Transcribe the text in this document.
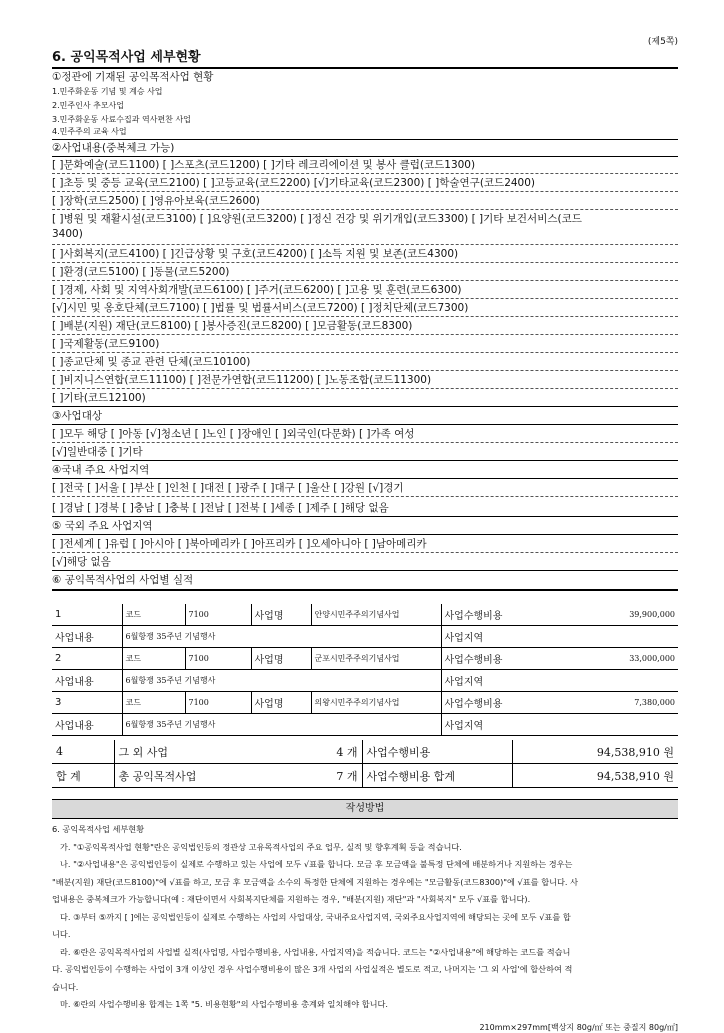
(제5쪽)
6. 공익목적사업 세부현황
①정관에 기재된 공익목적사업 현황
1.민주화운동 기념 및 계승 사업
2.민주인사 추모사업
3.민주화운동 사료수집과 역사편찬 사업
4.민주주의 교육 사업
②사업내용(중복체크 가능)
[ ]문화예술(코드1100) [ ]스포츠(코드1200) [ ]기타 레크리에이션 및 봉사 클럽(코드1300)
[ ]초등 및 중등 교육(코드2100) [ ]고등교육(코드2200) [√]기타교육(코드2300) [ ]학술연구(코드2400)
[ ]장학(코드2500) [ ]영유아보육(코드2600)
[ ]병원 및 재활시설(코드3100) [ ]요양원(코드3200) [ ]정신 건강 및 위기개입(코드3300) [ ]기타 보건서비스(코드
3400)
[ ]사회복지(코드4100) [ ]긴급상황 및 구호(코드4200) [ ]소득 지원 및 보존(코드4300)
[ ]환경(코드5100) [ ]동물(코드5200)
[ ]경제, 사회 및 지역사회개발(코드6100) [ ]주거(코드6200) [ ]고용 및 훈련(코드6300)
[√]시민 및 옹호단체(코드7100) [ ]법률 및 법률서비스(코드7200) [ ]정치단체(코드7300)
[ ]배분(지원) 재단(코드8100) [ ]봉사증진(코드8200) [ ]모금활동(코드8300)
[ ]국제활동(코드9100)
[ ]종교단체 및 종교 관련 단체(코드10100)
[ ]비지니스연합(코드11100) [ ]전문가연합(코드11200) [ ]노동조합(코드11300)
[ ]기타(코드12100)
③사업대상
[ ]모두 해당 [ ]아동 [√]청소년 [ ]노인 [ ]장애인 [ ]외국인(다문화) [ ]가족 여성
[√]일반대중 [ ]기타
④국내 주요 사업지역
[ ]전국 [ ]서울 [ ]부산 [ ]인천 [ ]대전 [ ]광주 [ ]대구 [ ]울산 [ ]강원 [√]경기
[ ]경남 [ ]경북 [ ]충남 [ ]충북 [ ]전남 [ ]전북 [ ]세종 [ ]제주 [ ]해당 없음
⑤ 국외 주요 사업지역
[ ]전세계 [ ]유럽 [ ]아시아 [ ]북아메리카 [ ]아프리카 [ ]오세아니아 [ ]남아메리카
[√]해당 없음
⑥ 공익목적사업의 사업별 실적
1	코드	7100	사업명	안양시민주주의기념사업	사업수행비용	39,900,000
사업내용	6월항쟁 35주년 기념행사				사업지역	
2	코드	7100	사업명	군포시민주주의기념사업	사업수행비용	33,000,000
사업내용	6월항쟁 35주년 기념행사				사업지역	
3	코드	7100	사업명	의왕시민주주의기념사업	사업수행비용	7,380,000
사업내용	6월항쟁 35주년 기념행사				사업지역	
4	그 외 사업	4 개	사업수행비용	94,538,910 원
합 계	총 공익목적사업	7 개	사업수행비용 합계	94,538,910 원
작성방법

6. 공익목적사업 세부현황

가. "①공익목적사업 현황"란은 공익법인등의 정관상 고유목적사업의 주요 업무, 실적 및 향후계획 등을 적습니다.

나. "②사업내용"은 공익법인등이 실제로 수행하고 있는 사업에 모두 √표를 합니다. 모금 후 모금액을 불특정 단체에 배분하거나 지원하는 경우는

"배분(지원) 재단(코드8100)"에 √표를 하고, 모금 후 모금액을 소수의 특정한 단체에 지원하는 경우에는 "모금활동(코드8300)"에 √표를 합니다. 사

업내용은 중복체크가 가능합니다(예 : 재단이면서 사회복지단체를 지원하는 경우, "배분(지원) 재단"과 "사회복지" 모두 √표를 합니다).

다. ③부터 ⑤까지 [ ]에는 공익법인등이 실제로 수행하는 사업의 사업대상, 국내주요사업지역, 국외주요사업지역에 해당되는 곳에 모두 √표를 합

니다.

라. ⑥란은 공익목적사업의 사업별 실적(사업명, 사업수행비용, 사업내용, 사업지역)을 적습니다. 코드는 "②사업내용"에 해당하는 코드를 적습니

다. 공익법인등이 수행하는 사업이 3개 이상인 경우 사업수행비용이 많은 3개 사업의 사업실적은 별도로 적고, 나머지는 '그 외 사업'에 합산하여 적

습니다.

마. ⑥란의 사업수행비용 합계는 1쪽 "5. 비용현황"의 사업수행비용 총계와 일치해야 합니다.

210mm×297mm[백상지 80g/㎡ 또는 중질지 80g/㎡]
